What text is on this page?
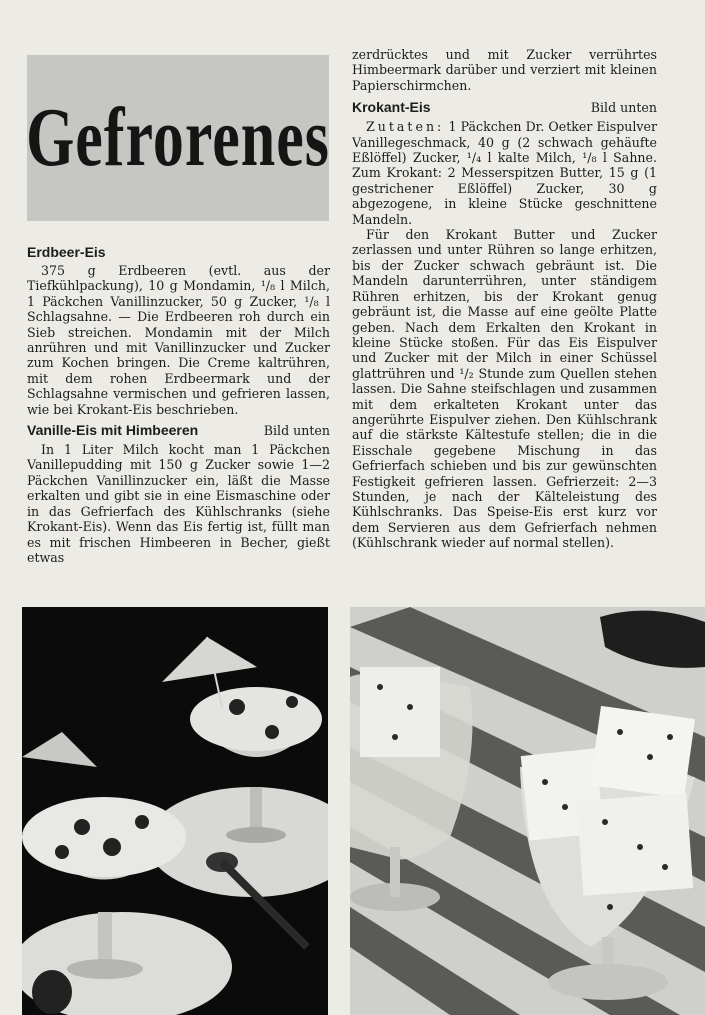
Gefrorenes
Erdbeer-Eis

375 g Erdbeeren (evtl. aus der Tiefkühlpackung), 10 g Mondamin, ¹/₈ l Milch, 1 Päckchen Vanillinzucker, 50 g Zucker, ¹/₈ l Schlagsahne. — Die Erdbeeren roh durch ein Sieb streichen. Mondamin mit der Milch anrühren und mit Vanillinzucker und Zucker zum Kochen bringen. Die Creme kaltrühren, mit dem rohen Erdbeermark und der Schlagsahne vermischen und gefrieren lassen, wie bei Krokant-Eis beschrieben.

Vanille-Eis mit Himbeeren	Bild unten

In 1 Liter Milch kocht man 1 Päckchen Vanillepudding mit 150 g Zucker sowie 1—2 Päckchen Vanillinzucker ein, läßt die Masse erkalten und gibt sie in eine Eismaschine oder in das Gefrierfach des Kühlschranks (siehe Krokant-Eis). Wenn das Eis fertig ist, füllt man es mit frischen Himbeeren in Becher, gießt etwas

zerdrücktes und mit Zucker verrührtes Himbeermark darüber und verziert mit kleinen Papierschirmchen.

Krokant-Eis	Bild unten

Zutaten: 1 Päckchen Dr. Oetker Eispulver Vanillegeschmack, 40 g (2 schwach gehäufte Eßlöffel) Zucker, ¹/₄ l kalte Milch, ¹/₈ l Sahne. Zum Krokant: 2 Messerspitzen Butter, 15 g (1 gestrichener Eßlöffel) Zucker, 30 g abgezogene, in kleine Stücke geschnittene Mandeln.

Für den Krokant Butter und Zucker zerlassen und unter Rühren so lange erhitzen, bis der Zucker schwach gebräunt ist. Die Mandeln darunterrühren, unter ständigem Rühren erhitzen, bis der Krokant genug gebräunt ist, die Masse auf eine geölte Platte geben. Nach dem Erkalten den Krokant in kleine Stücke stoßen. Für das Eis Eispulver und Zucker mit der Milch in einer Schüssel glattrühren und ¹/₂ Stunde zum Quellen stehen lassen. Die Sahne steifschlagen und zusammen mit dem erkalteten Krokant unter das angerührte Eispulver ziehen. Den Kühlschrank auf die stärkste Kältestufe stellen; die in die Eisschale gegebene Mischung in das Gefrierfach schieben und bis zur gewünschten Festigkeit gefrieren lassen. Gefrierzeit: 2—3 Stunden, je nach der Kälteleistung des Kühlschranks. Das Speise-Eis erst kurz vor dem Servieren aus dem Gefrierfach nehmen (Kühlschrank wieder auf normal stellen).
